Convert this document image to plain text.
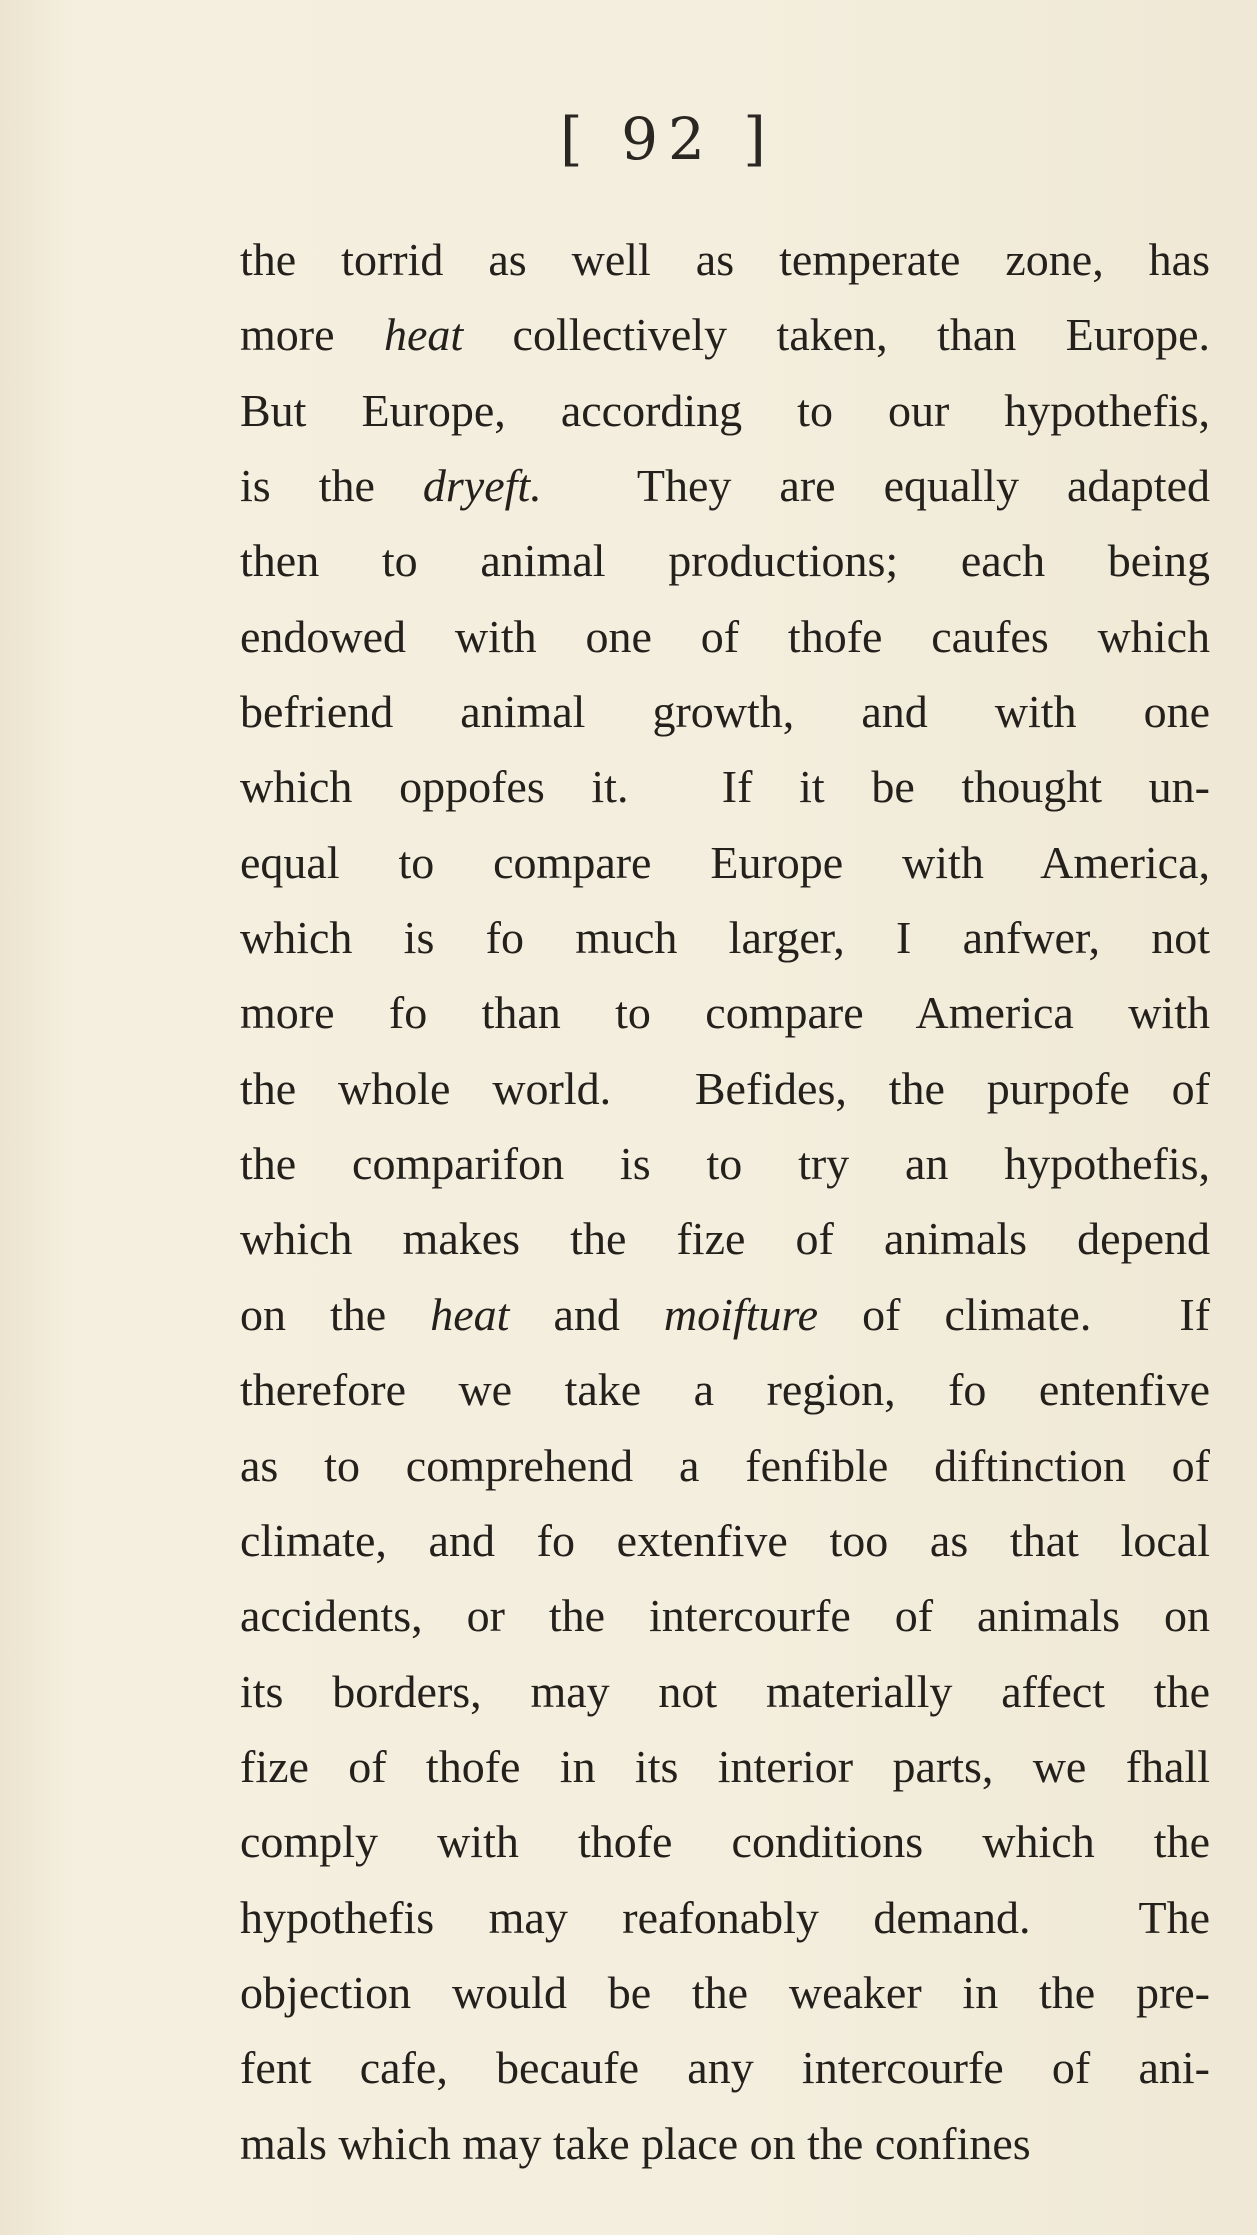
[ 92 ]
the torrid as well as temperate zone, has
more heat collectively taken, than Europe.
But Europe, according to our hypothefis,
is the dryeft.  They are equally adapted
then to animal productions; each being
endowed with one of thofe caufes which
befriend animal growth, and with one
which oppofes it.  If it be thought un-
equal to compare Europe with America,
which is fo much larger, I anfwer, not
more fo than to compare America with
the whole world.  Befides, the purpofe of
the comparifon is to try an hypothefis,
which makes the fize of animals depend
on the heat and moifture of climate.  If
therefore we take a region, fo entenfive
as to comprehend a fenfible diftinction of
climate, and fo extenfive too as that local
accidents, or the intercourfe of animals on
its borders, may not materially affect the
fize of thofe in its interior parts, we fhall
comply with thofe conditions which the
hypothefis may reafonably demand.  The
objection would be the weaker in the pre-
fent cafe, becaufe any intercourfe of ani-
mals which may take place on the confines
